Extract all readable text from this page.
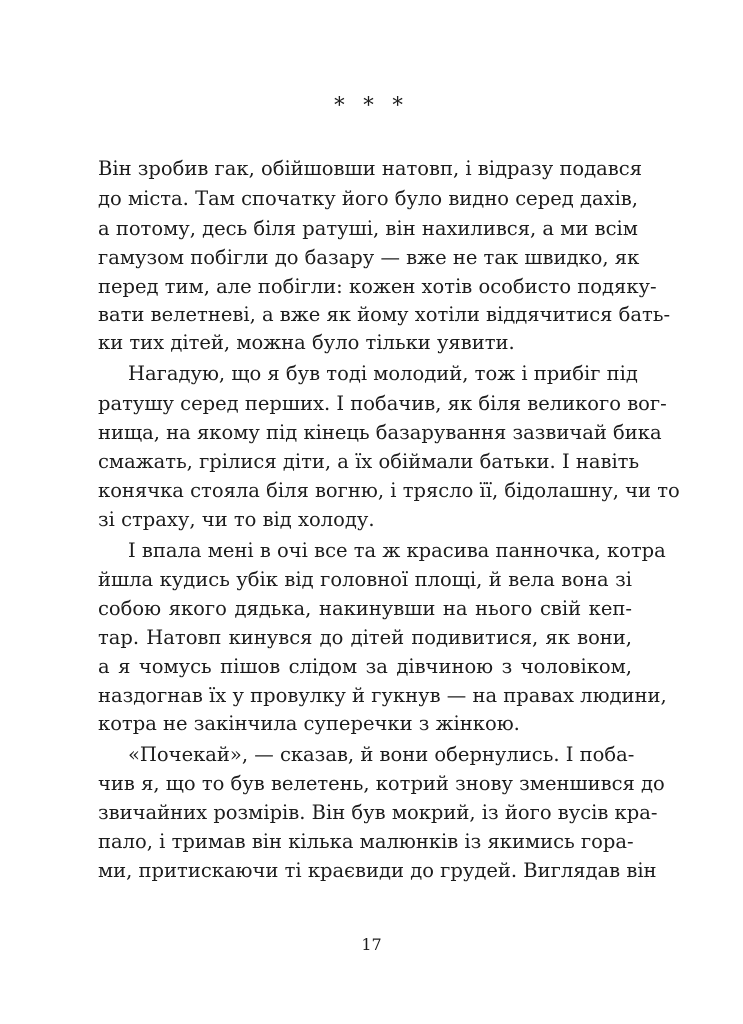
* * *
Він зробив гак, обійшовши натовп, і відразу подався
до міста. Там спочатку його було видно серед дахів,
а потому, десь біля ратуші, він нахилився, а ми всім
гамузом побігли до базару — вже не так швидко, як
перед тим, але побігли: кожен хотів особисто подяку-
вати велетневі, а вже як йому хотіли віддячитися бать-
ки тих дітей, можна було тільки уявити.
Нагадую, що я був тоді молодий, тож і прибіг під
ратушу серед перших. І побачив, як біля великого вог-
нища, на якому під кінець базарування зазвичай бика
смажать, грілися діти, а їх обіймали батьки. І навіть
конячка стояла біля вогню, і трясло її, бідолашну, чи то
зі страху, чи то від холоду.
І впала мені в очі все та ж красива панночка, котра
йшла кудись убік від головної площі, й вела вона зі
собою якого дядька, накинувши на нього свій кеп-
тар. Натовп кинувся до дітей подивитися, як вони,
а я чомусь пішов слідом за дівчиною з чоловіком,
наздогнав їх у провулку й гукнув — на правах людини,
котра не закінчила суперечки з жінкою.
«Почекай», — сказав, й вони обернулись. І поба-
чив я, що то був велетень, котрий знову зменшився до
звичайних розмірів. Він був мокрий, із його вусів кра-
пало, і тримав він кілька малюнків із якимись гора-
ми, притискаючи ті краєвиди до грудей. Виглядав він
17
